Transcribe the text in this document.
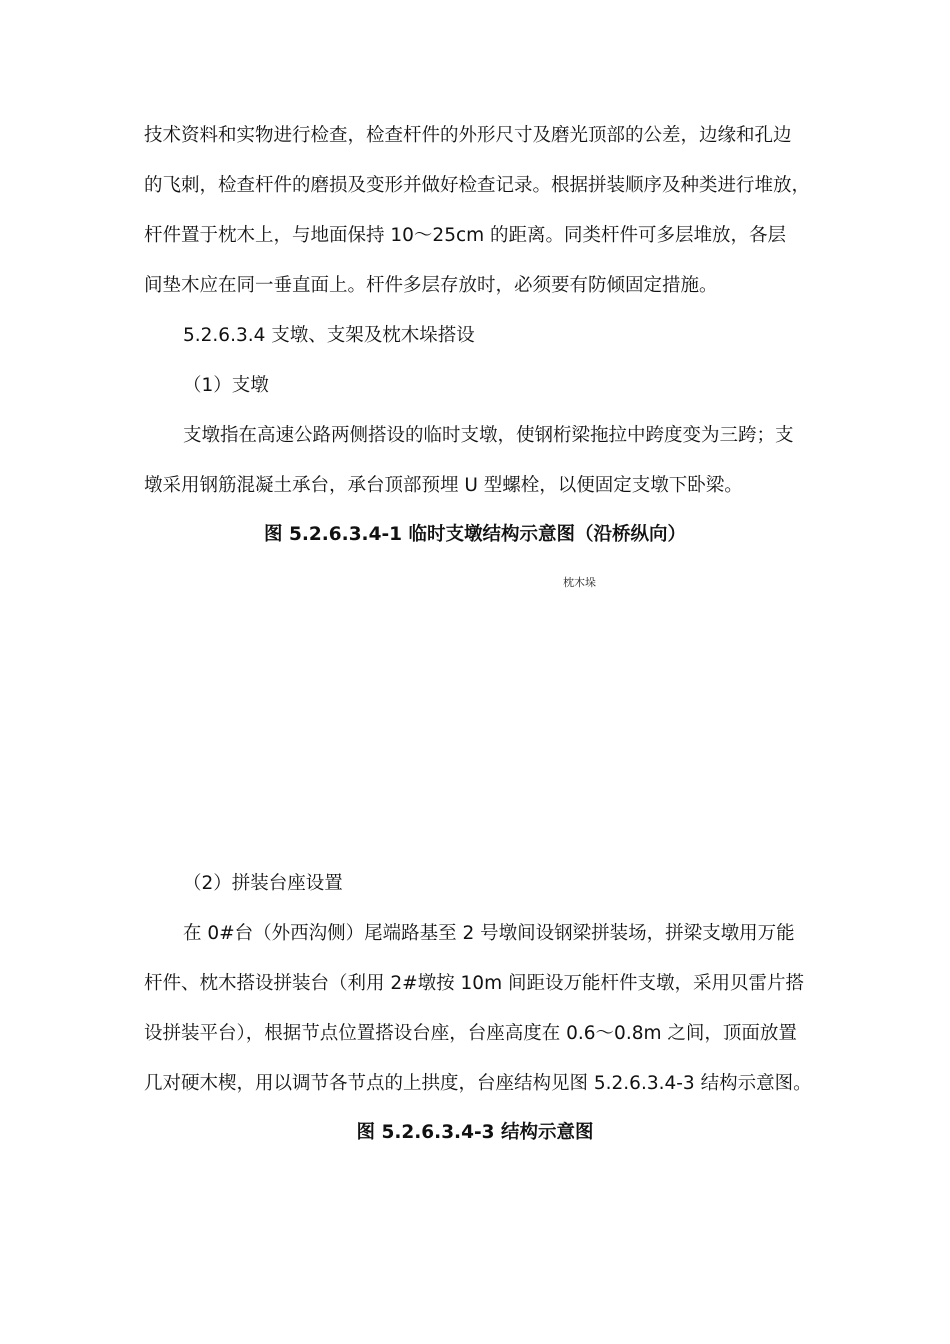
技术资料和实物进行检查，检查杆件的外形尺寸及磨光顶部的公差，边缘和孔边
的飞刺，检查杆件的磨损及变形并做好检查记录。根据拼装顺序及种类进行堆放，
杆件置于枕木上，与地面保持 10～25cm 的距离。同类杆件可多层堆放，各层
间垫木应在同一垂直面上。杆件多层存放时，必须要有防倾固定措施。
5.2.6.3.4 支墩、支架及枕木垛搭设
（1）支墩
支墩指在高速公路两侧搭设的临时支墩，使钢桁梁拖拉中跨度变为三跨；支
墩采用钢筋混凝土承台，承台顶部预埋 U 型螺栓，以便固定支墩下卧梁。
图 5.2.6.3.4-1 临时支墩结构示意图（沿桥纵向）
枕木垛
（2）拼装台座设置
在 0#台（外西沟侧）尾端路基至 2 号墩间设钢梁拼装场，拼梁支墩用万能
杆件、枕木搭设拼装台（利用 2#墩按 10m 间距设万能杆件支墩，采用贝雷片搭
设拼装平台），根据节点位置搭设台座，台座高度在 0.6～0.8m 之间，顶面放置
几对硬木楔，用以调节各节点的上拱度，台座结构见图 5.2.6.3.4-3 结构示意图。
图 5.2.6.3.4-3 结构示意图
